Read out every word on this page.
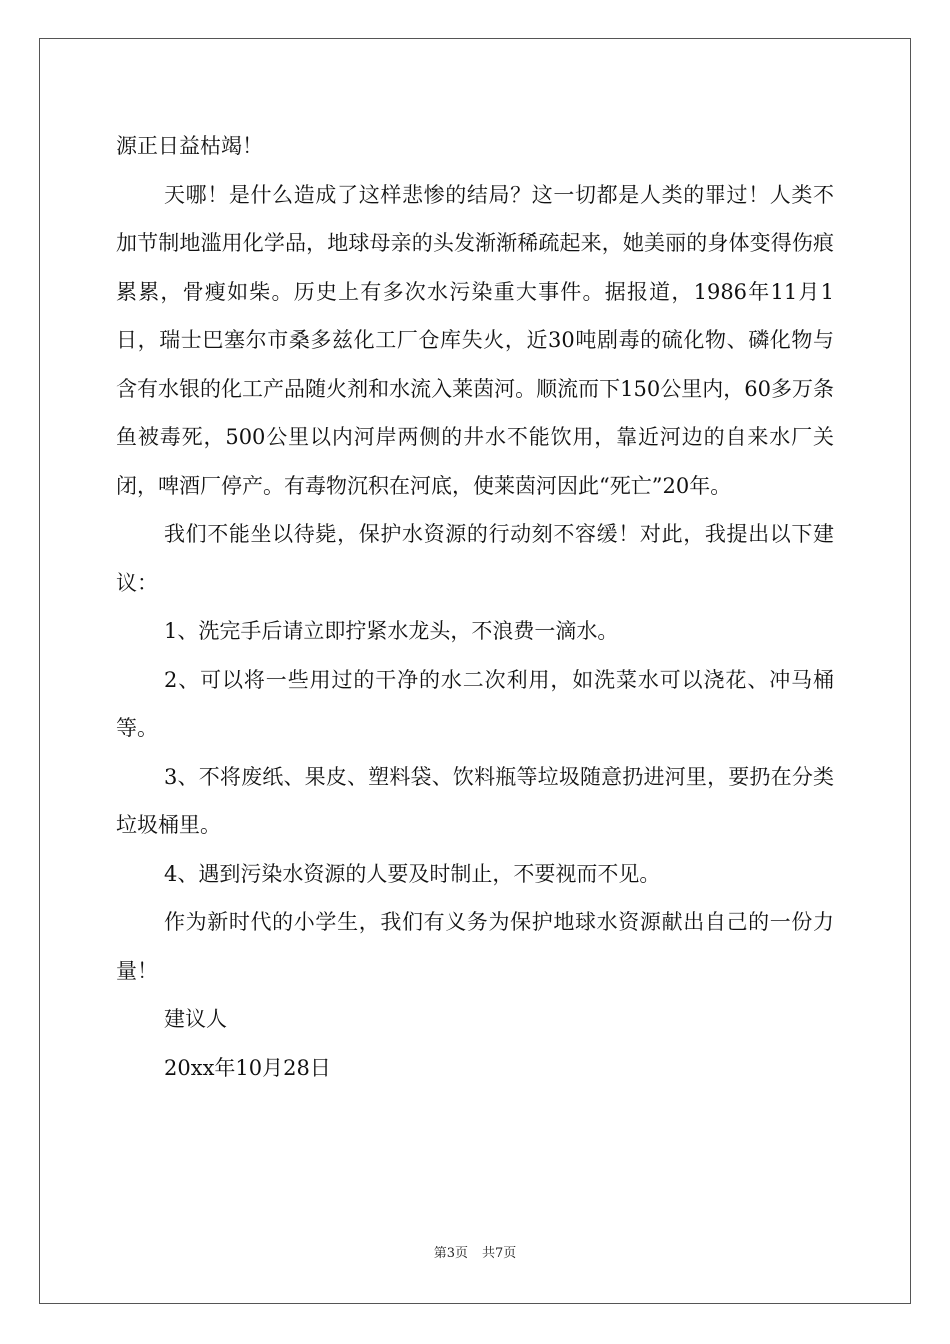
源正日益枯竭！

天哪！是什么造成了这样悲惨的结局？这一切都是人类的罪过！人类不加节制地滥用化学品，地球母亲的头发渐渐稀疏起来，她美丽的身体变得伤痕累累，骨瘦如柴。历史上有多次水污染重大事件。据报道，1986年11月1日，瑞士巴塞尔市桑多兹化工厂仓库失火，近30吨剧毒的硫化物、磷化物与含有水银的化工产品随火剂和水流入莱茵河。顺流而下150公里内，60多万条鱼被毒死，500公里以内河岸两侧的井水不能饮用，靠近河边的自来水厂关闭，啤酒厂停产。有毒物沉积在河底，使莱茵河因此“死亡”20年。

我们不能坐以待毙，保护水资源的行动刻不容缓！对此，我提出以下建议：

1、洗完手后请立即拧紧水龙头，不浪费一滴水。

2、可以将一些用过的干净的水二次利用，如洗菜水可以浇花、冲马桶等。

3、不将废纸、果皮、塑料袋、饮料瓶等垃圾随意扔进河里，要扔在分类垃圾桶里。

4、遇到污染水资源的人要及时制止，不要视而不见。

作为新时代的小学生，我们有义务为保护地球水资源献出自己的一份力量！

建议人

20xx年10月28日

第3页 共7页
